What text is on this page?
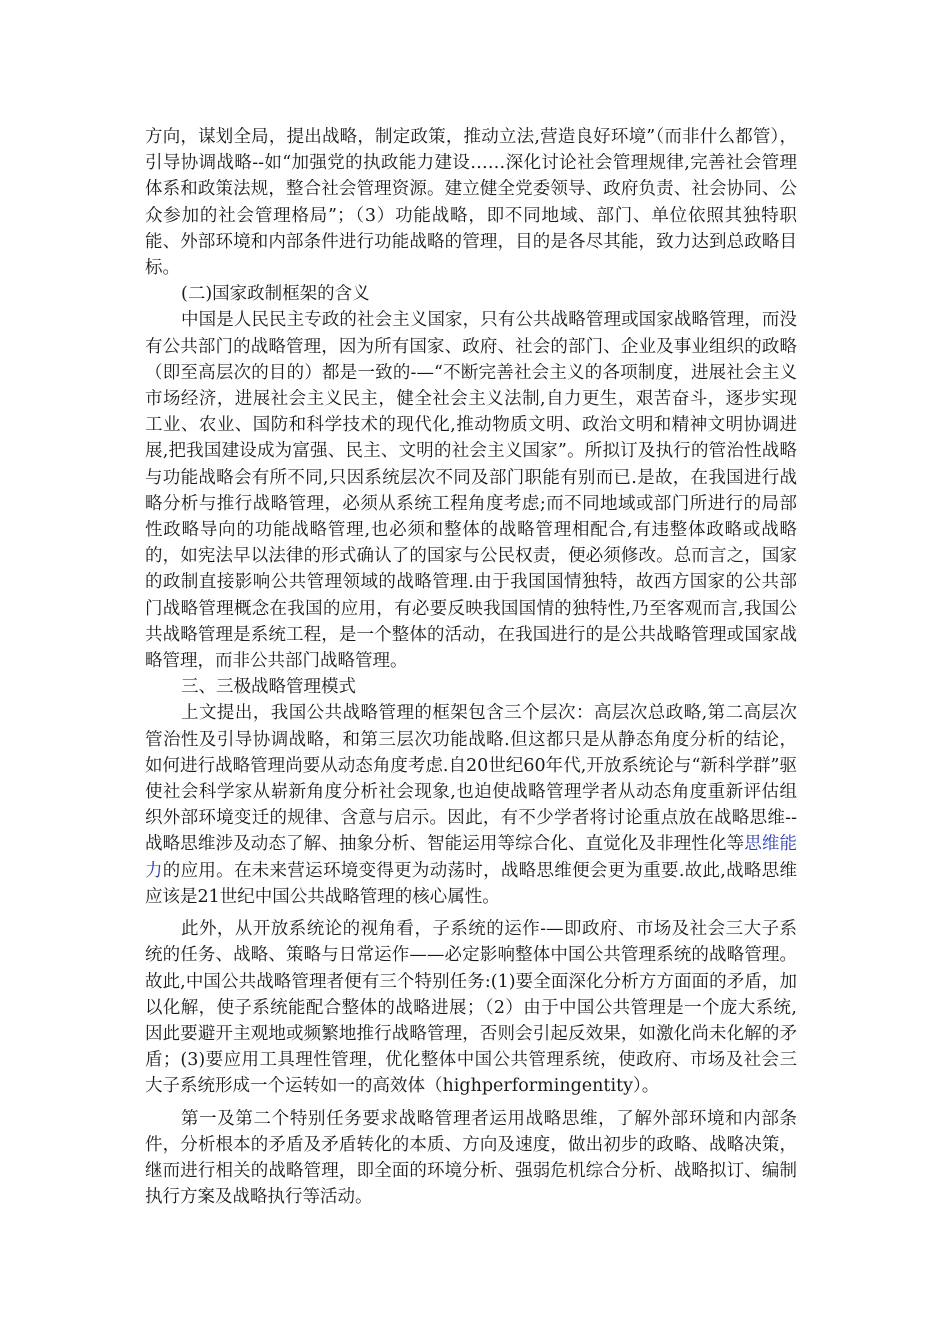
方向，谋划全局，提出战略，制定政策，推动立法,营造良好环境”（而非什么都管），引导协调战略--如“加强党的执政能力建设……深化讨论社会管理规律,完善社会管理体系和政策法规，整合社会管理资源。建立健全党委领导、政府负责、社会协同、公众参加的社会管理格局”；（3）功能战略，即不同地域、部门、单位依照其独特职能、外部环境和内部条件进行功能战略的管理，目的是各尽其能，致力达到总政略目标。

(二)国家政制框架的含义

中国是人民民主专政的社会主义国家，只有公共战略管理或国家战略管理，而没有公共部门的战略管理，因为所有国家、政府、社会的部门、企业及事业组织的政略（即至高层次的目的）都是一致的-—“不断完善社会主义的各项制度，进展社会主义市场经济，进展社会主义民主，健全社会主义法制,自力更生，艰苦奋斗，逐步实现工业、农业、国防和科学技术的现代化,推动物质文明、政治文明和精神文明协调进展,把我国建设成为富强、民主、文明的社会主义国家”。所拟订及执行的管治性战略与功能战略会有所不同,只因系统层次不同及部门职能有别而已.是故，在我国进行战略分析与推行战略管理，必须从系统工程角度考虑;而不同地域或部门所进行的局部性政略导向的功能战略管理,也必须和整体的战略管理相配合,有违整体政略或战略的，如宪法早以法律的形式确认了的国家与公民权责，便必须修改。总而言之，国家的政制直接影响公共管理领域的战略管理.由于我国国情独特，故西方国家的公共部门战略管理概念在我国的应用，有必要反映我国国情的独特性,乃至客观而言,我国公共战略管理是系统工程，是一个整体的活动，在我国进行的是公共战略管理或国家战略管理，而非公共部门战略管理。

三、三极战略管理模式

上文提出，我国公共战略管理的框架包含三个层次：高层次总政略,第二高层次管治性及引导协调战略，和第三层次功能战略.但这都只是从静态角度分析的结论，如何进行战略管理尚要从动态角度考虑.自20世纪60年代,开放系统论与“新科学群”驱使社会科学家从崭新角度分析社会现象,也迫使战略管理学者从动态角度重新评估组织外部环境变迁的规律、含意与启示。因此，有不少学者将讨论重点放在战略思维--战略思维涉及动态了解、抽象分析、智能运用等综合化、直觉化及非理性化等思维能力的应用。在未来营运环境变得更为动荡时，战略思维便会更为重要.故此,战略思维应该是21世纪中国公共战略管理的核心属性。

此外，从开放系统论的视角看，子系统的运作-—即政府、市场及社会三大子系统的任务、战略、策略与日常运作——必定影响整体中国公共管理系统的战略管理。故此,中国公共战略管理者便有三个特别任务:(1)要全面深化分析方方面面的矛盾，加以化解，使子系统能配合整体的战略进展；（2）由于中国公共管理是一个庞大系统,因此要避开主观地或频繁地推行战略管理，否则会引起反效果，如激化尚未化解的矛盾；(3)要应用工具理性管理，优化整体中国公共管理系统，使政府、市场及社会三大子系统形成一个运转如一的高效体（highperformingentity）。

第一及第二个特别任务要求战略管理者运用战略思维，了解外部环境和内部条件，分析根本的矛盾及矛盾转化的本质、方向及速度，做出初步的政略、战略决策，继而进行相关的战略管理，即全面的环境分析、强弱危机综合分析、战略拟订、编制执行方案及战略执行等活动。
